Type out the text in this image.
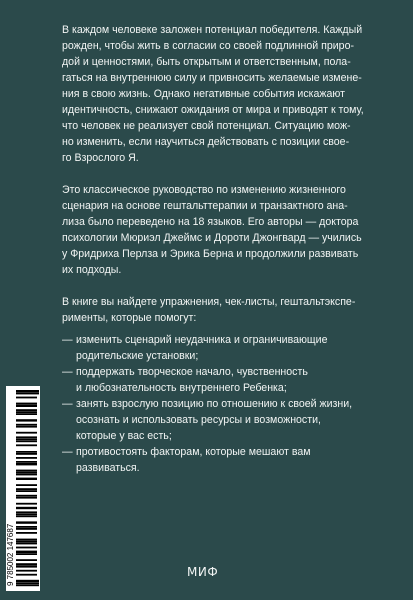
В каждом человеке заложен потенциал победителя. Каждый
рожден, чтобы жить в согласии со своей подлинной приро-
дой и ценностями, быть открытым и ответственным, пола-
гаться на внутреннюю силу и привносить желаемые измене-
ния в свою жизнь. Однако негативные события искажают
идентичность, снижают ожидания от мира и приводят к тому,
что человек не реализует свой потенциал. Ситуацию мож-
но изменить, если научиться действовать с позиции свое-
го Взрослого Я.
Это классическое руководство по изменению жизненного
сценария на основе гештальттерапии и транзактного ана-
лиза было переведено на 18 языков. Его авторы — доктора
психологии Мюриэл Джеймс и Дороти Джонгвард — учились
у Фридриха Перлза и Эрика Берна и продолжили развивать
их подходы.
В книге вы найдете упражнения, чек-листы, гештальтэкспе-
рименты, которые помогут:
— изменить сценарий неудачника и ограничивающие
родительские установки;
— поддержать творческое начало, чувственность
и любознательность внутреннего Ребенка;
— занять взрослую позицию по отношению к своей жизни,
осознать и использовать ресурсы и возможности,
которые у вас есть;
— противостоять факторам, которые мешают вам
развиваться.
9 785002 147687	МИФ
